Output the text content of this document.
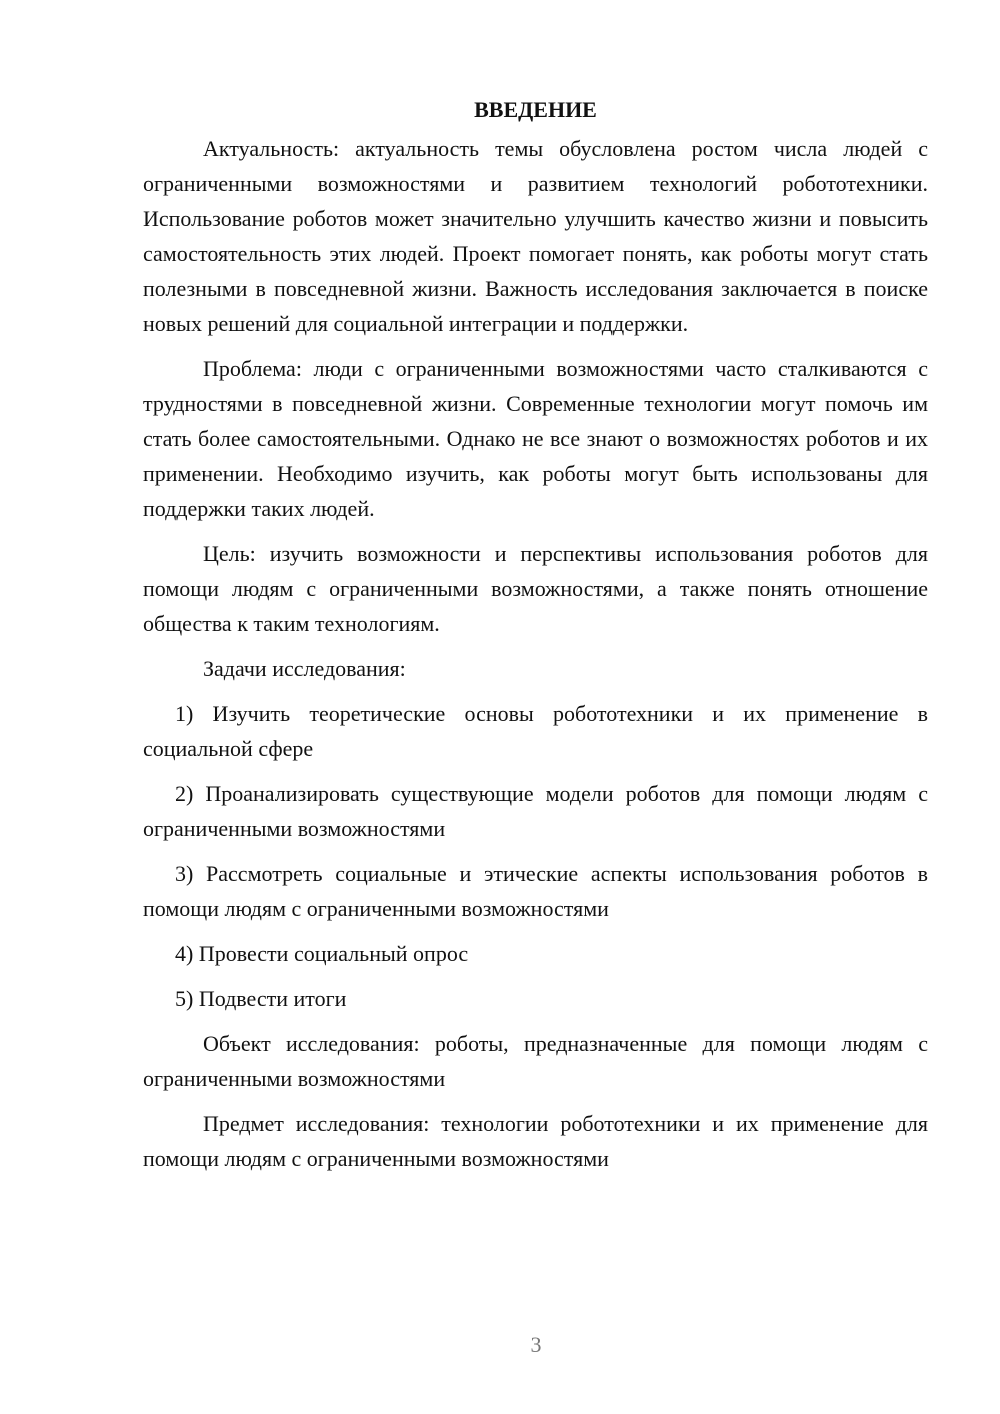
ВВЕДЕНИЕ

Актуальность: актуальность темы обусловлена ростом числа людей с ограниченными возможностями и развитием технологий робототехники. Использование роботов может значительно улучшить качество жизни и повысить самостоятельность этих людей. Проект помогает понять, как роботы могут стать полезными в повседневной жизни. Важность исследования заключается в поиске новых решений для социальной интеграции и поддержки.

Проблема: люди с ограниченными возможностями часто сталкиваются с трудностями в повседневной жизни. Современные технологии могут помочь им стать более самостоятельными. Однако не все знают о возможностях роботов и их применении. Необходимо изучить, как роботы могут быть использованы для поддержки таких людей.

Цель: изучить возможности и перспективы использования роботов для помощи людям с ограниченными возможностями, а также понять отношение общества к таким технологиям.

Задачи исследования:

1) Изучить теоретические основы робототехники и их применение в социальной сфере

2) Проанализировать существующие модели роботов для помощи людям с ограниченными возможностями

3) Рассмотреть социальные и этические аспекты использования роботов в помощи людям с ограниченными возможностями

4) Провести социальный опрос

5) Подвести итоги

Объект исследования: роботы, предназначенные для помощи людям с ограниченными возможностями

Предмет исследования: технологии робототехники и их применение для помощи людям с ограниченными возможностями

3
